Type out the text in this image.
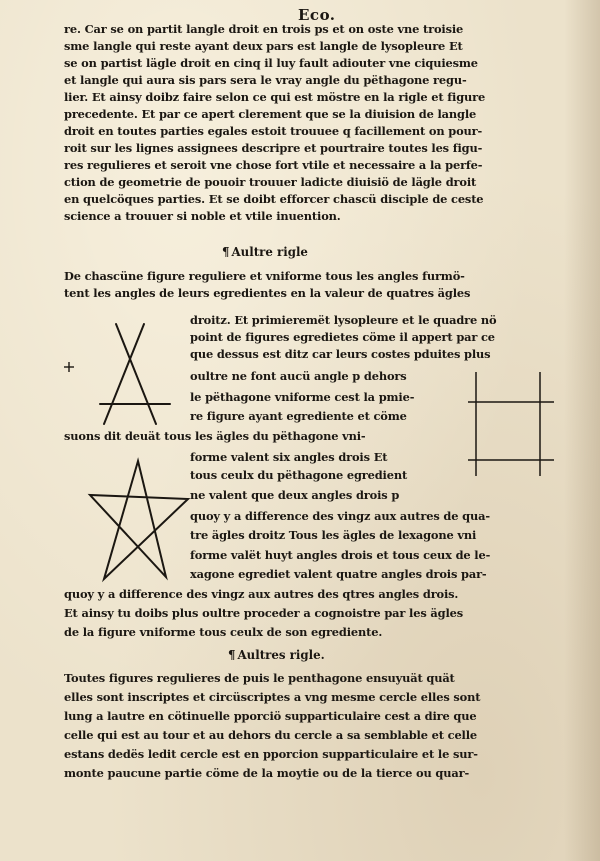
Eco.
re. Car se on partit langle droit en trois ps et on oste vne troisie
sme langle qui reste ayant deux pars est langle de lysopleure Et
se on partist lägle droit en cinq il luy fault adiouter vne ciquiesme
et langle qui aura sis pars sera le vray angle du pëthagone regu-
lier. Et ainsy doibz faire selon ce qui est möstre en la rigle et figure
precedente. Et par ce apert clerement que se la diuision de langle
droit en toutes parties egales estoit trouuee q facillement on pour-
roit sur les lignes assignees descripre et pourtraire toutes les figu-
res regulieres et seroit vne chose fort vtile et necessaire a la perfe-
ction de geometrie de pouoir trouuer ladicte diuisiö de lägle droit
en quelcöques parties. Et se doibt efforcer chascü disciple de ceste
science a trouuer si noble et vtile inuention.
¶ Aultre rigle
De chascüne figure reguliere et vniforme tous les angles furmö-
tent les angles de leurs egredientes en la valeur de quatres ägles
droitz. Et primieremët lysopleure et le quadre nö
point de figures egredietes cöme il appert par ce
que dessus est ditz car leurs costes pduites plus
oultre ne font aucü angle p dehors
le pëthagone vniforme cest la pmie-
re figure ayant egrediente et cöme
suons dit deuät tous les ägles du pëthagone vni-
forme valent six angles drois Et
tous ceulx du pëthagone egredient
ne valent que deux angles drois p
quoy y a difference des vingz aux autres de qua-
tre ägles droitz Tous les ägles de lexagone vni
forme valët huyt angles drois et tous ceux de le-
xagone egrediet valent quatre angles drois par-
quoy y a difference des vingz aux autres des qtres angles drois.
Et ainsy tu doibs plus oultre proceder a cognoistre par les ägles
de la figure vniforme tous ceulx de son egrediente.
¶ Aultres rigle.
Toutes figures regulieres de puis le penthagone ensuyuät quät
elles sont inscriptes et circüscriptes a vng mesme cercle elles sont
lung a lautre en cötinuelle pporciö supparticulaire cest a dire que
celle qui est au tour et au dehors du cercle a sa semblable et celle
estans dedës ledit cercle est en pporcion supparticulaire et le sur-
monte paucune partie cöme de la moytie ou de la tierce ou quar-
